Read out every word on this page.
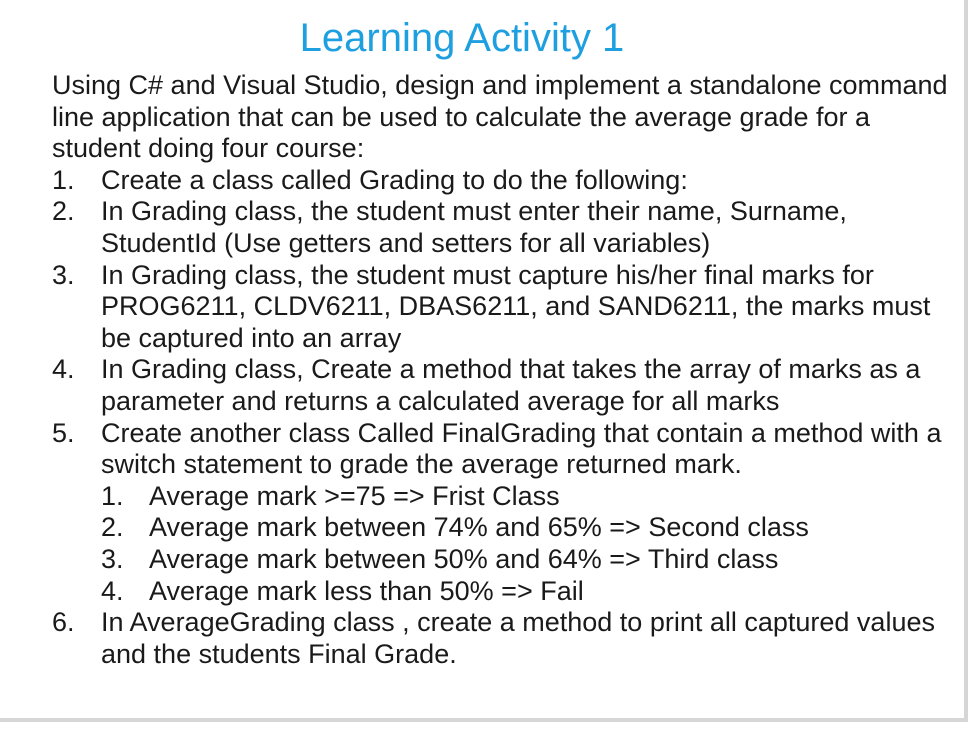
Learning Activity 1

Using C# and Visual Studio, design and implement a standalone command line application that can be used to calculate the average grade for a student doing four course:

1. Create a class called Grading to do the following:
2. In Grading class, the student must enter their name, Surname, StudentId (Use getters and setters for all variables)
3. In Grading class, the student must capture his/her final marks for PROG6211, CLDV6211, DBAS6211, and SAND6211, the marks must be captured into an array
4. In Grading class, Create a method that takes the array of marks as a parameter and returns a calculated average for all marks
5. Create another class Called FinalGrading that contain a method with a switch statement to grade the average returned mark.
1. Average mark >=75 => Frist Class
2. Average mark between 74% and 65% => Second class
3. Average mark between 50% and 64% => Third class
4. Average mark less than 50% => Fail
6. In AverageGrading class , create a method to print all captured values and the students Final Grade.
